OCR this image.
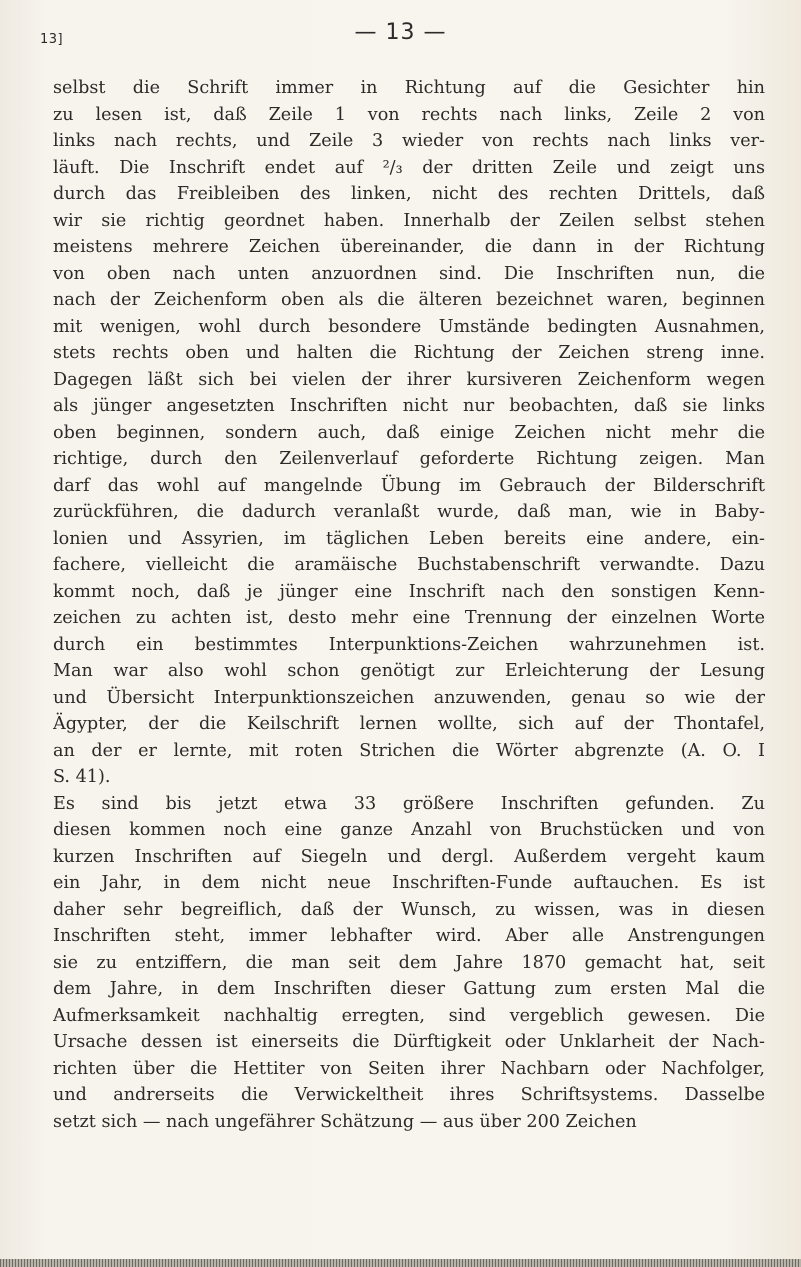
13]	— 13 —
selbst die Schrift immer in Richtung auf die Gesichter hin
zu lesen ist, daß Zeile 1 von rechts nach links, Zeile 2 von
links nach rechts, und Zeile 3 wieder von rechts nach links ver-
läuft. Die Inschrift endet auf ²/₃ der dritten Zeile und zeigt uns
durch das Freibleiben des linken, nicht des rechten Drittels, daß
wir sie richtig geordnet haben. Innerhalb der Zeilen selbst stehen
meistens mehrere Zeichen übereinander, die dann in der Richtung
von oben nach unten anzuordnen sind. Die Inschriften nun, die
nach der Zeichenform oben als die älteren bezeichnet waren, beginnen
mit wenigen, wohl durch besondere Umstände bedingten Ausnahmen,
stets rechts oben und halten die Richtung der Zeichen streng inne.
Dagegen läßt sich bei vielen der ihrer kursiveren Zeichenform wegen
als jünger angesetzten Inschriften nicht nur beobachten, daß sie links
oben beginnen, sondern auch, daß einige Zeichen nicht mehr die
richtige, durch den Zeilenverlauf geforderte Richtung zeigen. Man
darf das wohl auf mangelnde Übung im Gebrauch der Bilderschrift
zurückführen, die dadurch veranlaßt wurde, daß man, wie in Baby-
lonien und Assyrien, im täglichen Leben bereits eine andere, ein-
fachere, vielleicht die aramäische Buchstabenschrift verwandte. Dazu
kommt noch, daß je jünger eine Inschrift nach den sonstigen Kenn-
zeichen zu achten ist, desto mehr eine Trennung der einzelnen Worte
durch ein bestimmtes Interpunktions-Zeichen wahrzunehmen ist.
Man war also wohl schon genötigt zur Erleichterung der Lesung
und Übersicht Interpunktionszeichen anzuwenden, genau so wie der
Ägypter, der die Keilschrift lernen wollte, sich auf der Thontafel,
an der er lernte, mit roten Strichen die Wörter abgrenzte (A. O. I
S. 41).
Es sind bis jetzt etwa 33 größere Inschriften gefunden. Zu
diesen kommen noch eine ganze Anzahl von Bruchstücken und von
kurzen Inschriften auf Siegeln und dergl. Außerdem vergeht kaum
ein Jahr, in dem nicht neue Inschriften-Funde auftauchen. Es ist
daher sehr begreiflich, daß der Wunsch, zu wissen, was in diesen
Inschriften steht, immer lebhafter wird. Aber alle Anstrengungen
sie zu entziffern, die man seit dem Jahre 1870 gemacht hat, seit
dem Jahre, in dem Inschriften dieser Gattung zum ersten Mal die
Aufmerksamkeit nachhaltig erregten, sind vergeblich gewesen. Die
Ursache dessen ist einerseits die Dürftigkeit oder Unklarheit der Nach-
richten über die Hettiter von Seiten ihrer Nachbarn oder Nachfolger,
und andrerseits die Verwickeltheit ihres Schriftsystems. Dasselbe
setzt sich — nach ungefährer Schätzung — aus über 200 Zeichen
